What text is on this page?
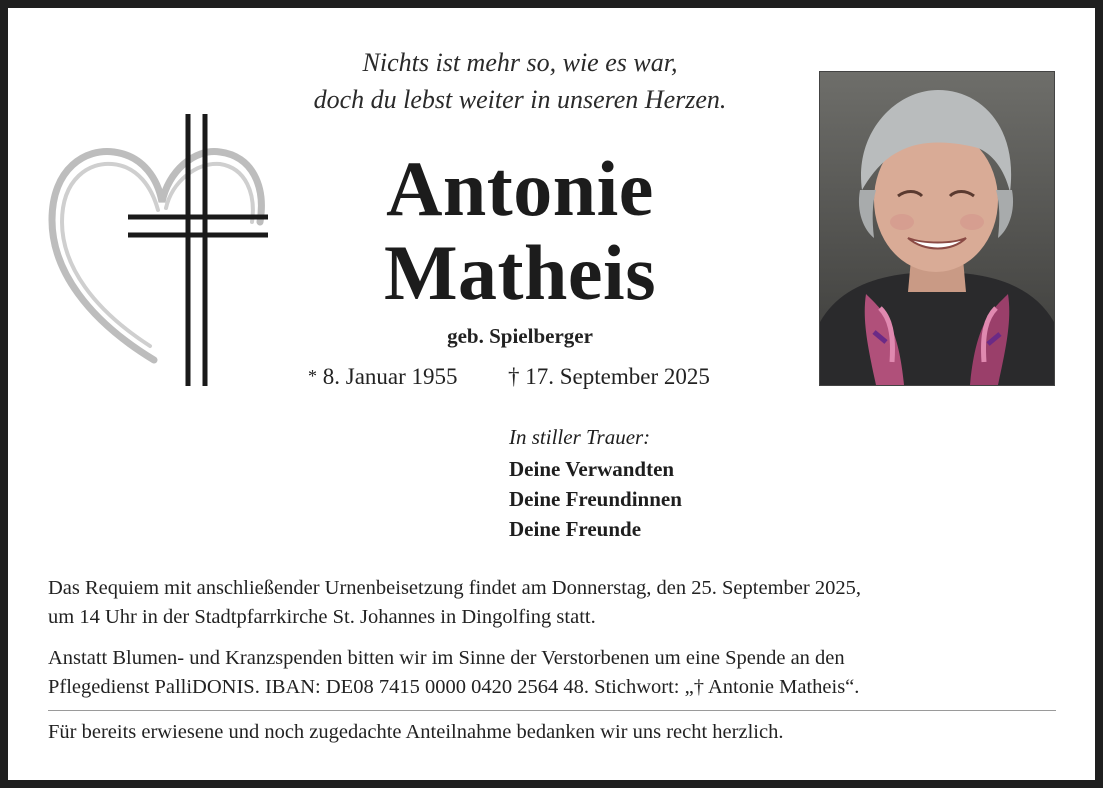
Nichts ist mehr so, wie es war,
doch du lebst weiter in unseren Herzen.
Antonie
Matheis
geb. Spielberger
* 8. Januar 1955 † 17. September 2025
In stiller Trauer:
Deine Verwandten
Deine Freundinnen
Deine Freunde
Das Requiem mit anschließender Urnenbeisetzung findet am Donnerstag, den 25. September 2025,
um 14 Uhr in der Stadtpfarrkirche St. Johannes in Dingolfing statt.
Anstatt Blumen- und Kranzspenden bitten wir im Sinne der Verstorbenen um eine Spende an den
Pflegedienst PalliDONIS. IBAN: DE08 7415 0000 0420 2564 48. Stichwort: „† Antonie Matheis“.
Für bereits erwiesene und noch zugedachte Anteilnahme bedanken wir uns recht herzlich.
